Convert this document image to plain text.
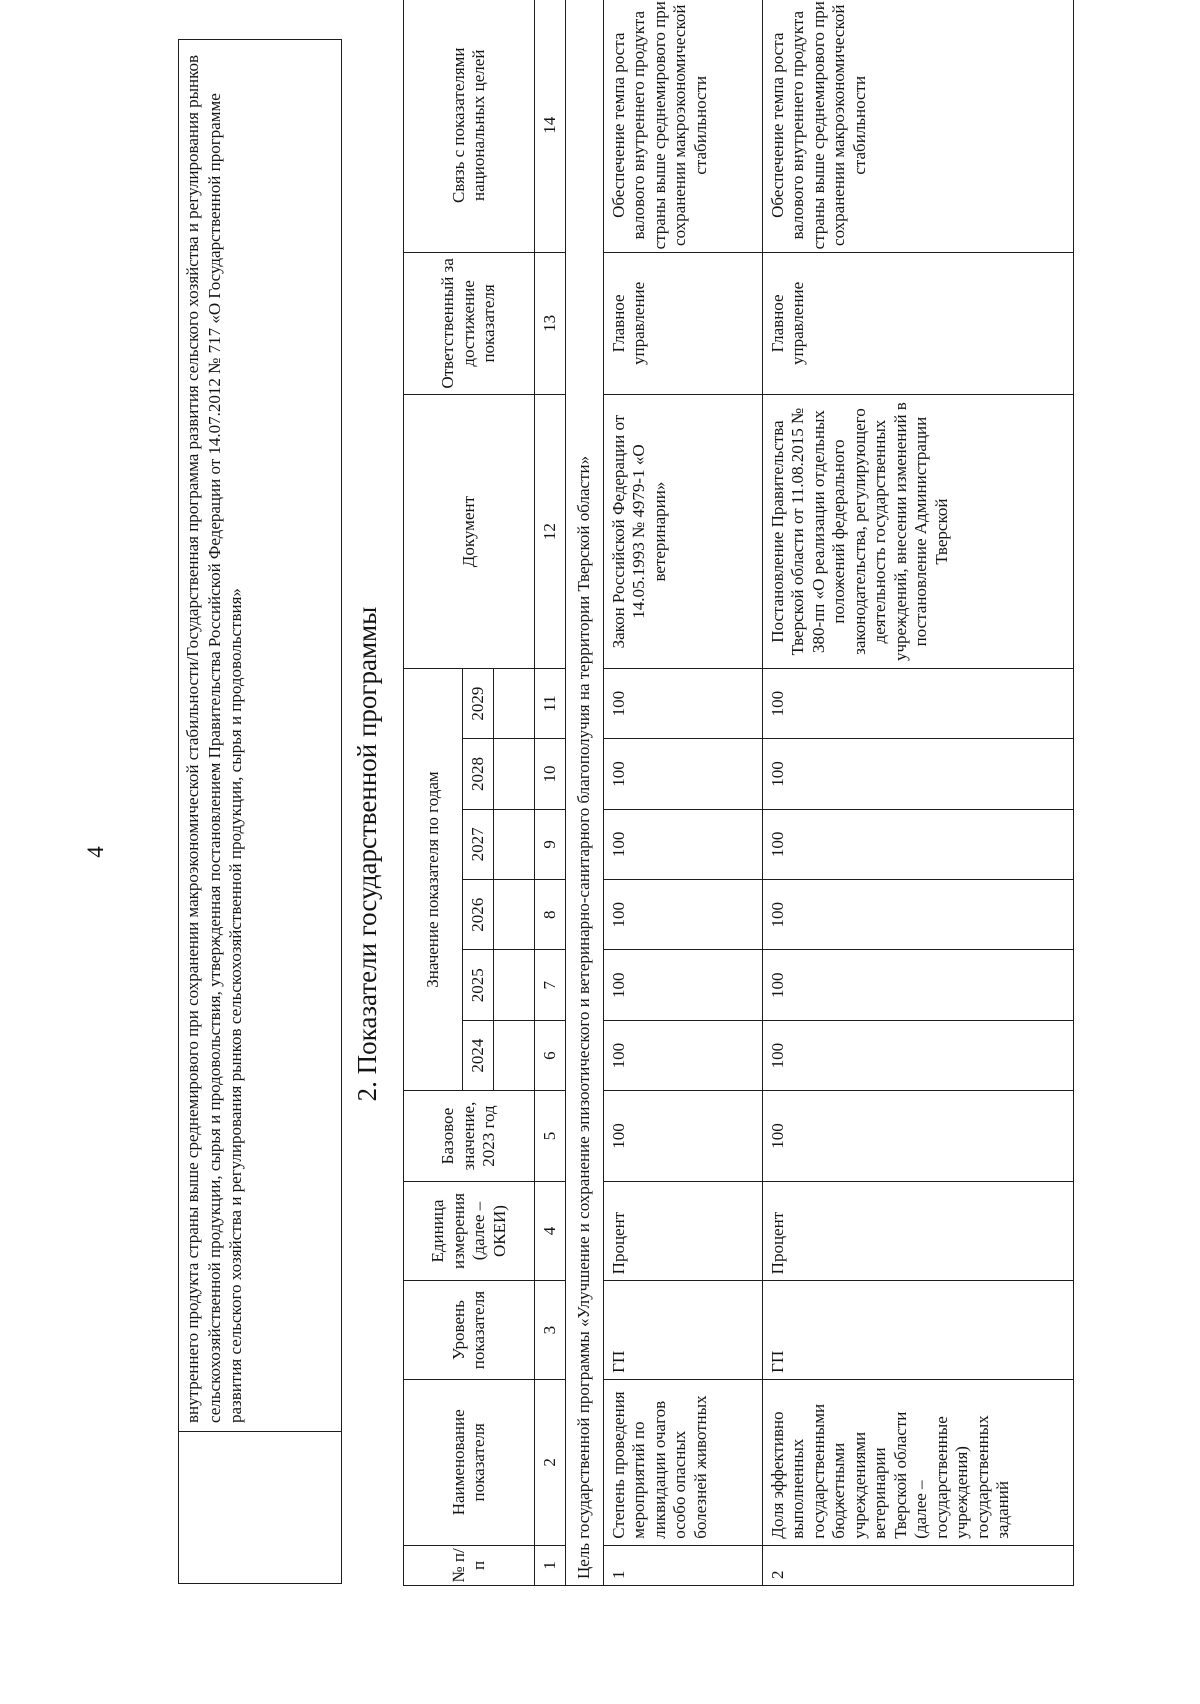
4
		внутреннего продукта страны выше среднемирового при сохранении макроэкономической стабильности/Государственная программа развития сельского хозяйства и регулирования рынков сельскохозяйственной продукции, сырья и продовольствия, утвержденная постановлением Правительства Российской Федерации от 14.07.2012 № 717 «О Государственной программе развития сельского хозяйства и регулирования рынков сельскохозяйственной продукции, сырья и продовольствия»	2. Показатели государственной программы
№ п/п	Наименование показателя	Уровень показателя	Единица измерения (далее – ОКЕИ)	Базовое значение, 2023 год	Значение показателя по годам						Документ	Ответственный за достижение показателя	Связь с показателями национальных целей
					2024	2025	2026	2027	2028	2029			

1	2	3	4	5	6	7	8	9	10	11	12	13	14
Цель государственной программы «Улучшение и сохранение эпизоотического и ветеринарно-санитарного благополучия на территории Тверской области»													
1	Степень проведения мероприятий по ликвидации очагов особо опасных болезней животных	ГП	Процент	100	100	100	100	100	100	100	Закон Российской Федерации от 14.05.1993 № 4979-1 «О ветеринарии»	Главное управление	Обеспечение темпа роста валового внутреннего продукта страны выше среднемирового при сохранении макроэкономической стабильности
2	Доля эффективно выполненных государственными бюджетными учреждениями ветеринарии Тверской области (далее – государственные учреждения) государственных заданий	ГП	Процент	100	100	100	100	100	100	100	Постановление Правительства Тверской области от 11.08.2015 № 380-пп «О реализации отдельных положений федерального законодательства, регулирующего деятельность государственных учреждений, внесении изменений в постановление Администрации Тверской	Главное управление	Обеспечение темпа роста валового внутреннего продукта страны выше среднемирового при сохранении макроэкономической стабильности
